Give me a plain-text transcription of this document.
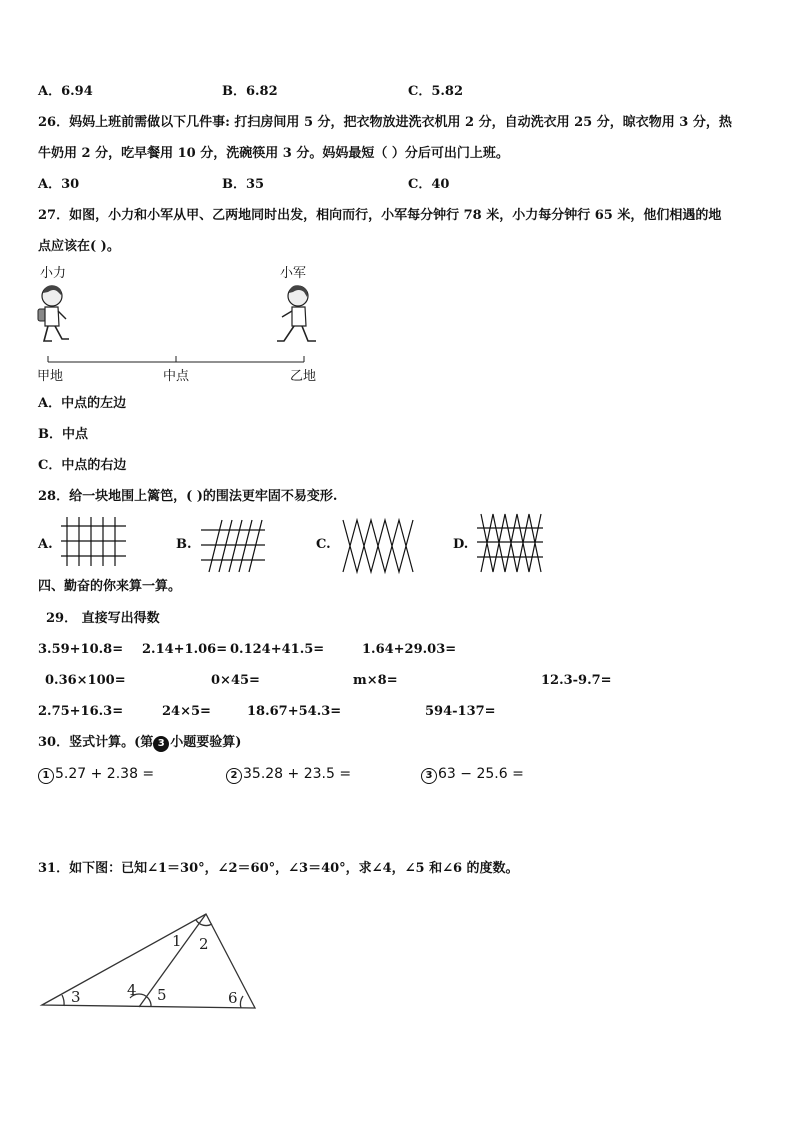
A．6.94	B．6.82	C．5.82
26．妈妈上班前需做以下几件事: 打扫房间用 5 分，把衣物放进洗衣机用 2 分，自动洗衣用 25 分，晾衣物用 3 分，热
牛奶用 2 分，吃早餐用 10 分，洗碗筷用 3 分。妈妈最短（ ）分后可出门上班。
A．30	B．35	C．40
27．如图，小力和小军从甲、乙两地同时出发，相向而行，小军每分钟行 78 米，小力每分钟行 65 米，他们相遇的地
点应该在( )。
小力	小军
甲地	中点	乙地
A．中点的左边
B．中点
C．中点的右边
28．给一块地围上篱笆，( )的围法更牢固不易变形.
A.	B.	C.	D.
四、勤奋的你来算一算。
29． 直接写出得数
3.59+10.8= 2.14+1.06= 0.124+41.5=	1.64+29.03=
0.36×100=	0×45=	m×8=	12.3-9.7=
2.75+16.3=	24×5=	18.67+54.3=	594-137=
30．竖式计算。(第 3 小题要验算)
1 5.27 + 2.38 =	2 35.28 + 23.5 =	3 63 − 25.6 =
31．如下图：已知∠1＝30°，∠2＝60°，∠3＝40°，求∠4，∠5 和∠6 的度数。
1 2
3	4 5	6
